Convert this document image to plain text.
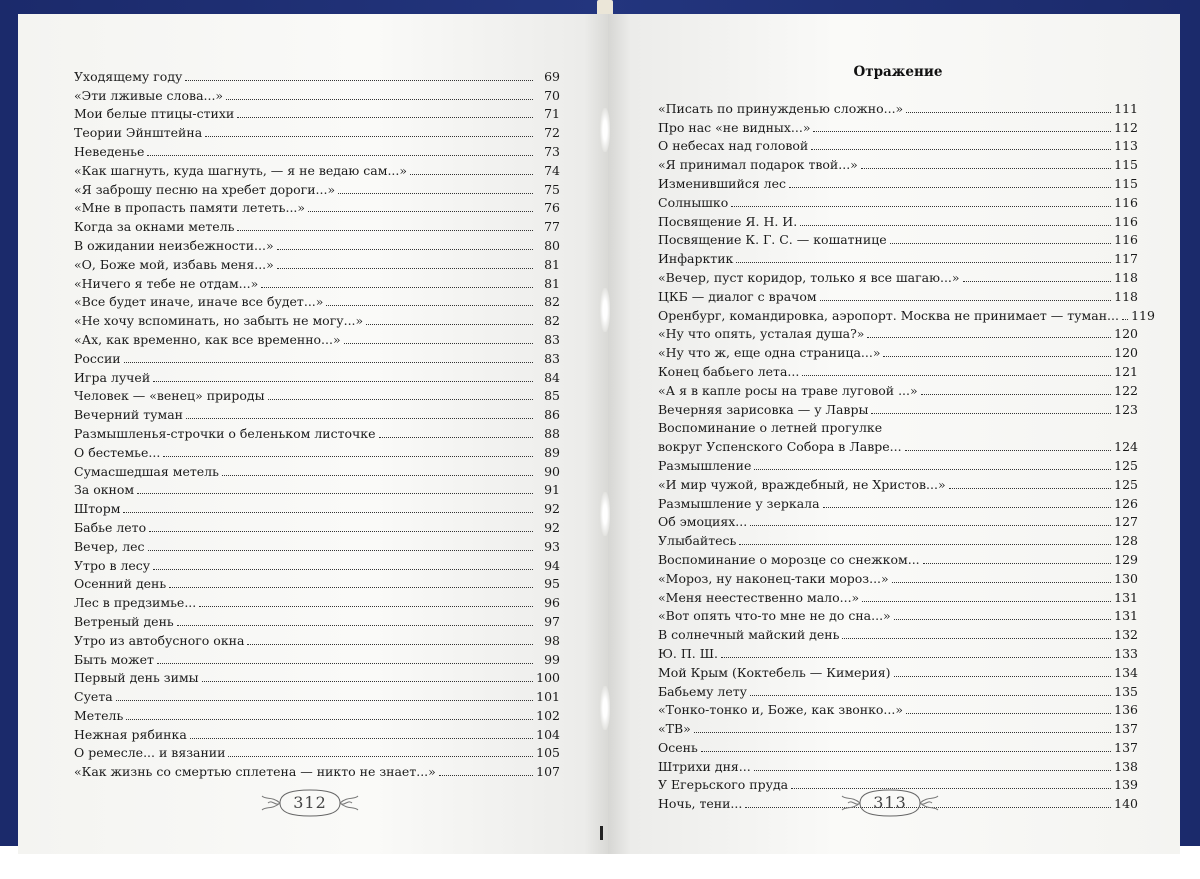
Уходящему году	69
«Эти лживые слова...»	70
Мои белые птицы-стихи	71
Теории Эйнштейна	72
Неведенье	73
«Как шагнуть, куда шагнуть, — я не ведаю сам...»	74
«Я заброшу песню на хребет дороги...»	75
«Мне в пропасть памяти лететь...»	76
Когда за окнами метель	77
В ожидании неизбежности...»	80
«О, Боже мой, избавь меня...»	81
«Ничего я тебе не отдам...»	81
«Все будет иначе, иначе все будет...»	82
«Не хочу вспоминать, но забыть не могу...»	82
«Ах, как временно, как все временно...»	83
России	83
Игра лучей	84
Человек — «венец» природы	85
Вечерний туман	86
Размышленья-строчки о беленьком листочке	88
О бестемье...	89
Сумасшедшая метель	90
За окном	91
Шторм	92
Бабье лето	92
Вечер, лес	93
Утро в лесу	94
Осенний день	95
Лес в предзимье...	96
Ветреный день	97
Утро из автобусного окна	98
Быть может	99
Первый день зимы	100
Суета	101
Метель	102
Нежная рябинка	104
О ремесле... и вязании	105
«Как жизнь со смертью сплетена — никто не знает...»	107
312
Отражение
«Писать по принужденью сложно...»	111
Про нас «не видных...»	112
О небесах над головой	113
«Я принимал подарок твой...»	115
Изменившийся лес	115
Солнышко	116
Посвящение Я. Н. И.	116
Посвящение К. Г. С. — кошатнице	116
Инфарктик	117
«Вечер, пуст коридор, только я все шагаю...»	118
ЦКБ — диалог с врачом	118
Оренбург, командировка, аэропорт. Москва не принимает — туман... 119
«Ну что опять, усталая душа?»	120
«Ну что ж, еще одна страница...»	120
Конец бабьего лета...	121
«А я в капле росы на траве луговой ...»	122
Вечерняя зарисовка — у Лавры	123
Воспоминание о летней прогулке
вокруг Успенского Собора в Лавре...	124
Размышление	125
«И мир чужой, враждебный, не Христов...»	125
Размышление у зеркала	126
Об эмоциях...	127
Улыбайтесь	128
Воспоминание о морозце со снежком...	129
«Мороз, ну наконец-таки мороз...»	130
«Меня неестественно мало...»	131
«Вот опять что-то мне не до сна...»	131
В солнечный майский день	132
Ю. П. Ш.	133
Мой Крым (Коктебель — Кимерия)	134
Бабьему лету	135
«Тонко-тонко и, Боже, как звонко...»	136
«ТВ»	137
Осень	137
Штрихи дня...	138
У Егерьского пруда	139
Ночь, тени...	140
313
